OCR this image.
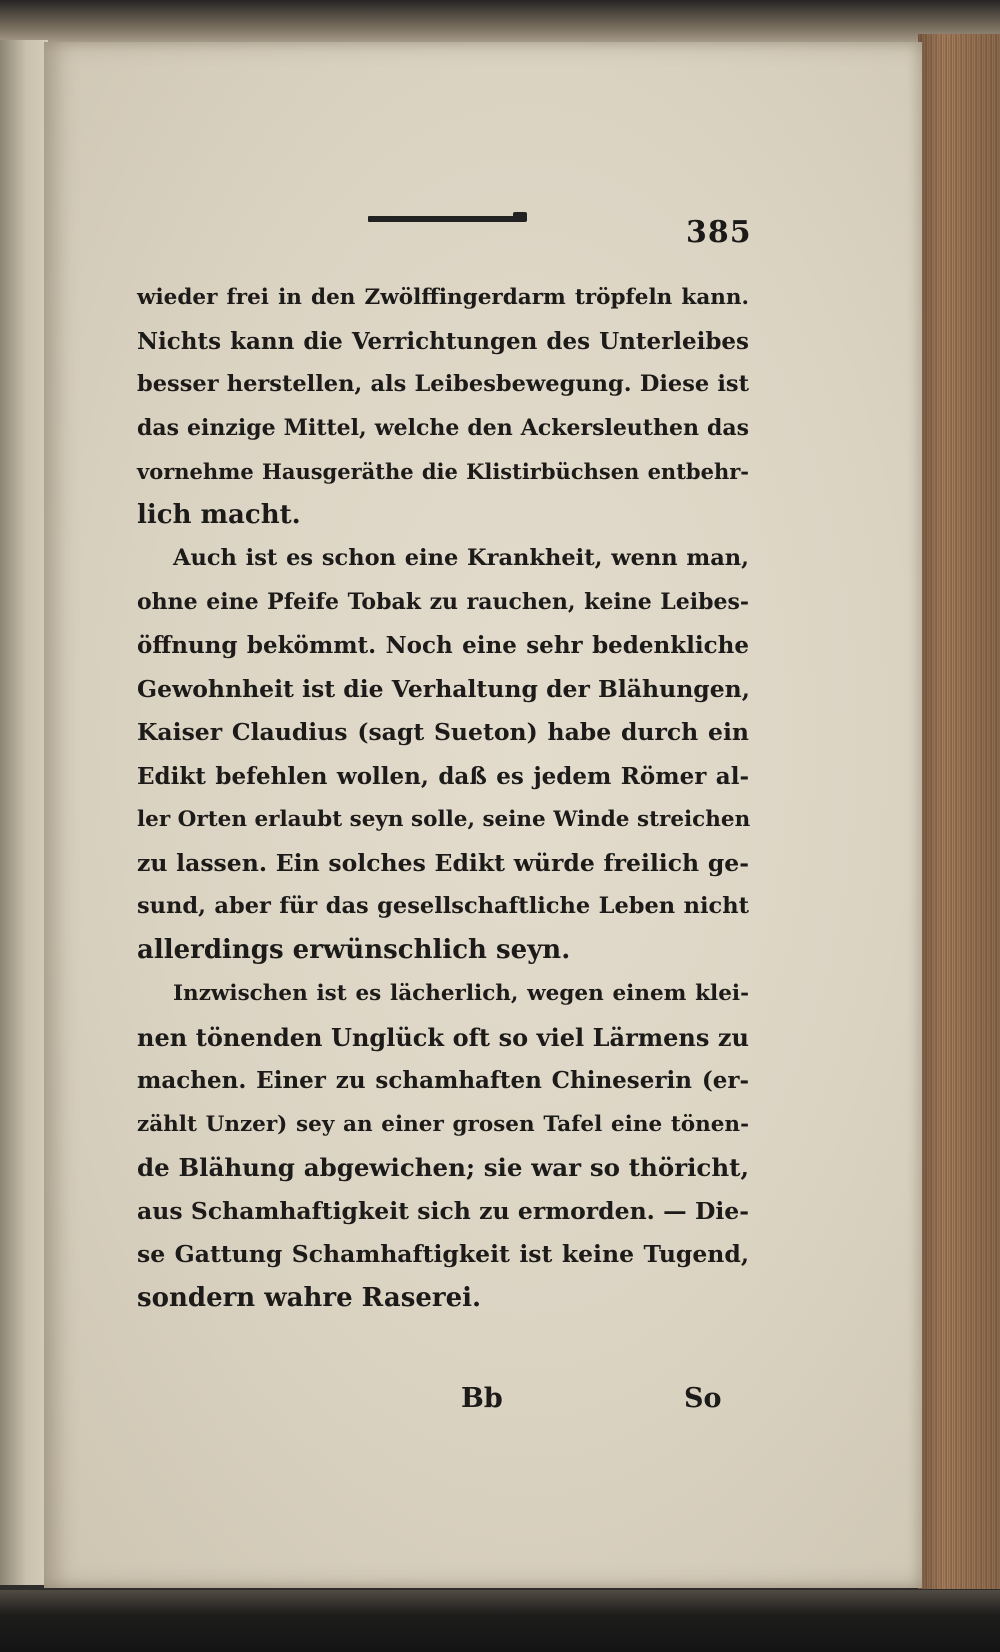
385
wieder frei in den Zwölffingerdarm tröpfeln kann.
Nichts kann die Verrichtungen des Unterleibes
besser herstellen, als Leibesbewegung. Diese ist
das einzige Mittel, welche den Ackersleuthen das
vornehme Hausgeräthe die Klistirbüchsen entbehr-
lich macht.
Auch ist es schon eine Krankheit, wenn man,
ohne eine Pfeife Tobak zu rauchen, keine Leibes-
öffnung bekömmt. Noch eine sehr bedenkliche
Gewohnheit ist die Verhaltung der Blähungen,
Kaiser Claudius (sagt Sueton) habe durch ein
Edikt befehlen wollen, daß es jedem Römer al-
ler Orten erlaubt seyn solle, seine Winde streichen
zu lassen. Ein solches Edikt würde freilich ge-
sund, aber für das gesellschaftliche Leben nicht
allerdings erwünschlich seyn.
Inzwischen ist es lächerlich, wegen einem klei-
nen tönenden Unglück oft so viel Lärmens zu
machen. Einer zu schamhaften Chineserin (er-
zählt Unzer) sey an einer grosen Tafel eine tönen-
de Blähung abgewichen; sie war so thöricht,
aus Schamhaftigkeit sich zu ermorden. — Die-
se Gattung Schamhaftigkeit ist keine Tugend,
sondern wahre Raserei.
Bb	So
